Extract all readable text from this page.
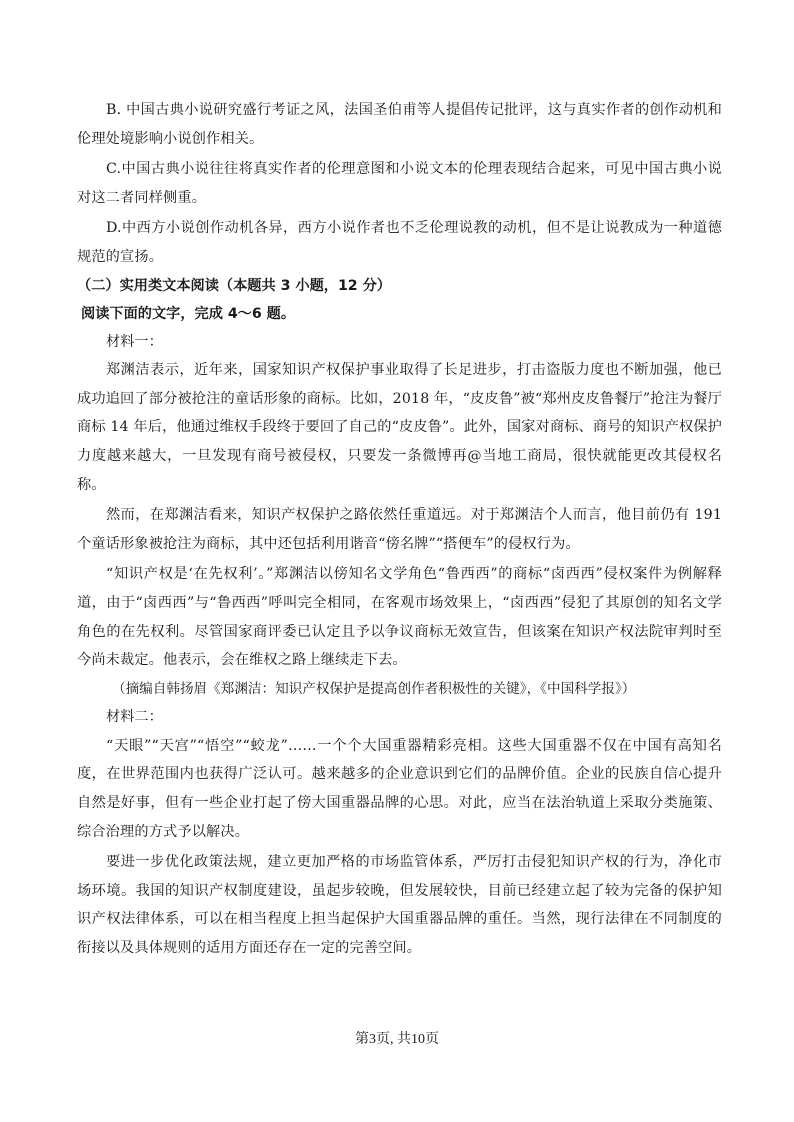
B. 中国古典小说研究盛行考证之风，法国圣伯甫等人提倡传记批评，这与真实作者的创作动机和伦理处境影响小说创作相关。

C.中国古典小说往往将真实作者的伦理意图和小说文本的伦理表现结合起来，可见中国古典小说对这二者同样侧重。

D.中西方小说创作动机各异，西方小说作者也不乏伦理说教的动机，但不是让说教成为一种道德规范的宣扬。

（二）实用类文本阅读（本题共 3 小题，12 分）

阅读下面的文字，完成 4～6 题。

材料一：

郑渊洁表示，近年来，国家知识产权保护事业取得了长足进步，打击盗版力度也不断加强，他已成功追回了部分被抢注的童话形象的商标。比如，2018 年，“皮皮鲁”被“郑州皮皮鲁餐厅”抢注为餐厅商标 14 年后，他通过维权手段终于要回了自己的“皮皮鲁”。此外，国家对商标、商号的知识产权保护力度越来越大，一旦发现有商号被侵权，只要发一条微博再@当地工商局，很快就能更改其侵权名称。

然而，在郑渊洁看来，知识产权保护之路依然任重道远。对于郑渊洁个人而言，他目前仍有 191 个童话形象被抢注为商标，其中还包括利用谐音“傍名牌”“搭便车”的侵权行为。

“知识产权是‘在先权利’。”郑渊洁以傍知名文学角色“鲁西西”的商标“卤西西”侵权案件为例解释道，由于“卤西西”与“鲁西西”呼叫完全相同，在客观市场效果上，“卤西西”侵犯了其原创的知名文学角色的在先权利。尽管国家商评委已认定且予以争议商标无效宣告，但该案在知识产权法院审判时至今尚未裁定。他表示，会在维权之路上继续走下去。

（摘编自韩扬眉《郑渊洁：知识产权保护是提高创作者积极性的关键》，《中国科学报》）

材料二：

“天眼”“天宫”“悟空”“蛟龙”……一个个大国重器精彩亮相。这些大国重器不仅在中国有高知名度，在世界范围内也获得广泛认可。越来越多的企业意识到它们的品牌价值。企业的民族自信心提升自然是好事，但有一些企业打起了傍大国重器品牌的心思。对此，应当在法治轨道上采取分类施策、综合治理的方式予以解决。

要进一步优化政策法规，建立更加严格的市场监管体系，严厉打击侵犯知识产权的行为，净化市场环境。我国的知识产权制度建设，虽起步较晚，但发展较快，目前已经建立起了较为完备的保护知识产权法律体系，可以在相当程度上担当起保护大国重器品牌的重任。当然，现行法律在不同制度的衔接以及具体规则的适用方面还存在一定的完善空间。

第3页, 共10页
